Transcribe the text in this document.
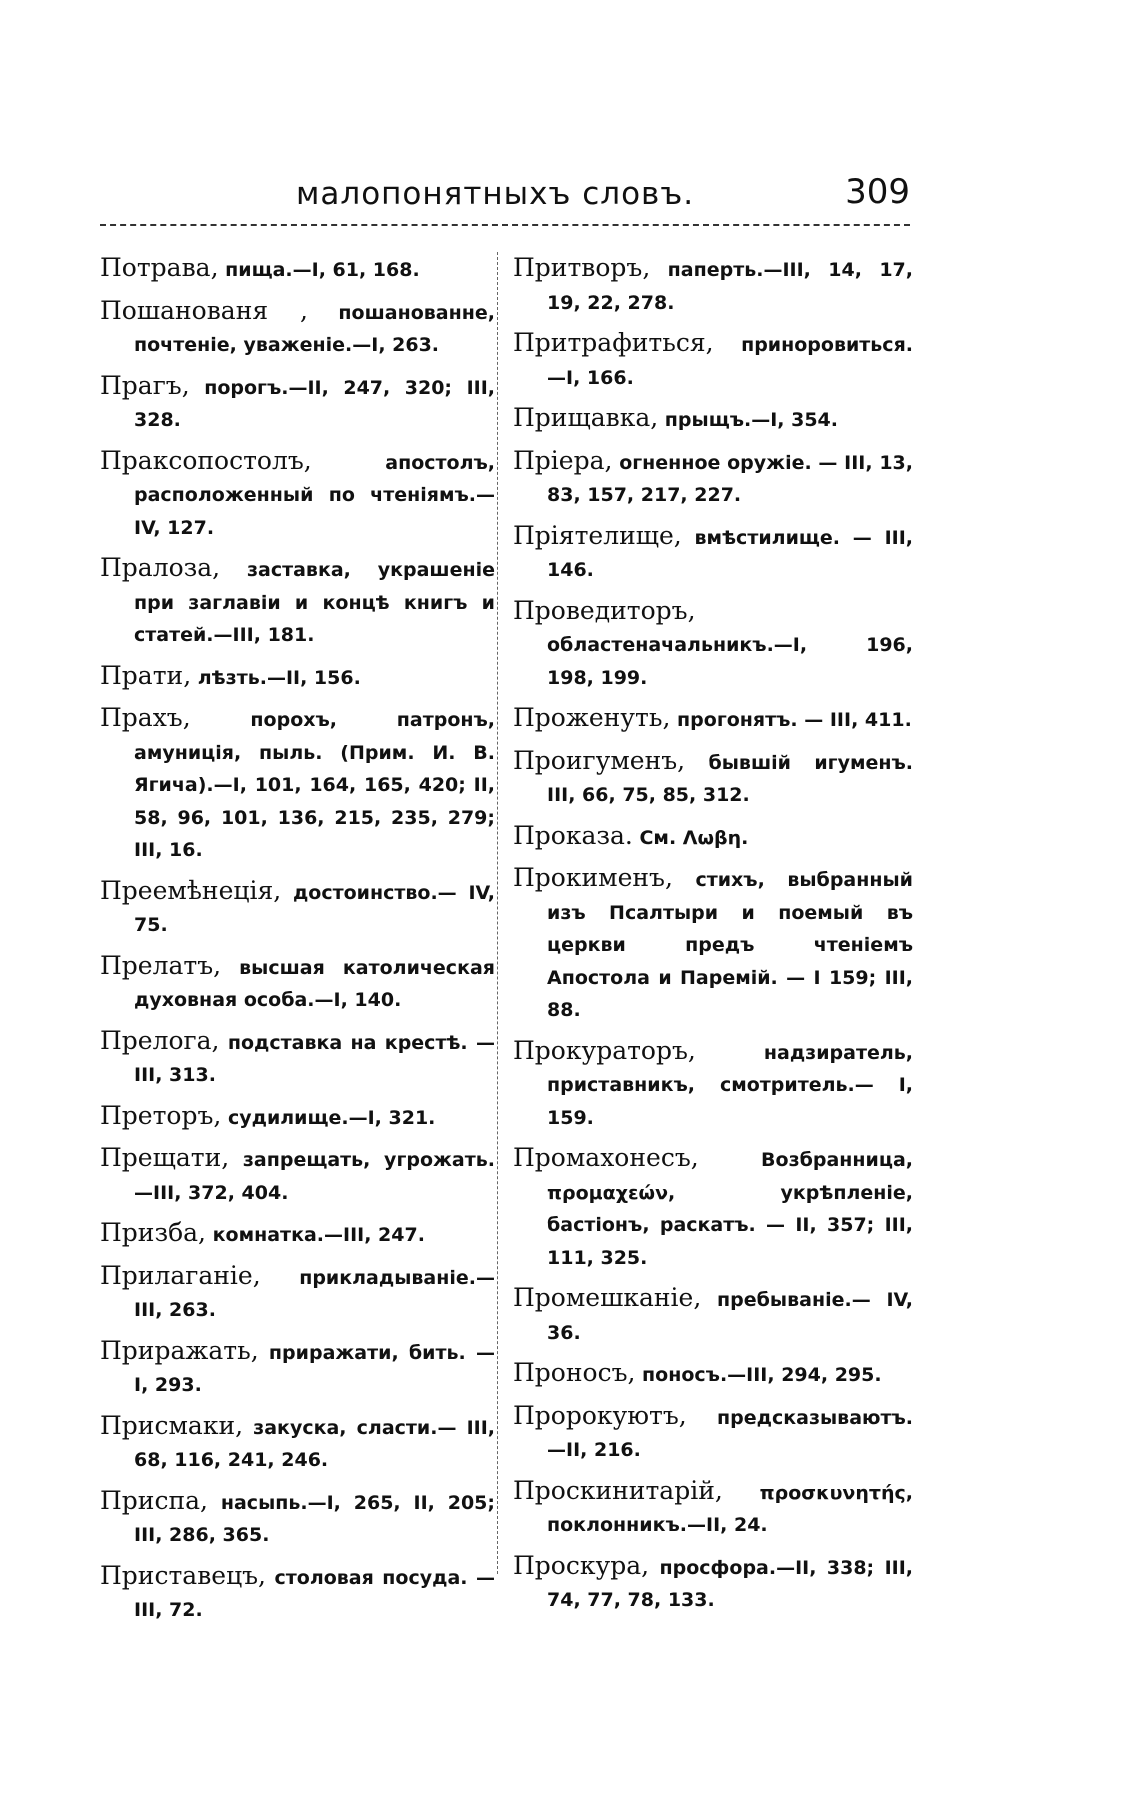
малопонятныхъ словъ.	309

Потрава, пища.—I, 61, 168.

Пошанованя , пошанованне, почтеніе, уваженіе.—I, 263.

Прагъ, порогъ.—II, 247, 320; III, 328.

Праксопостолъ, апостолъ, расположенный по чтеніямъ.— IV, 127.

Пралоза, заставка, украшеніе при заглавіи и концѣ книгъ и статей.—III, 181.

Прати, лѣзть.—II, 156.

Прахъ, порохъ, патронъ, амуниція, пыль. (Прим. И. В. Ягича).—I, 101, 164, 165, 420; II, 58, 96, 101, 136, 215, 235, 279; III, 16.

Преемѣнеція, достоинство.— IV, 75.

Прелатъ, высшая католическая духовная особа.—I, 140.

Прелога, подставка на крестѣ. —III, 313.

Преторъ, судилище.—I, 321.

Прещати, запрещать, угрожать.—III, 372, 404.

Призба, комнатка.—III, 247.

Прилаганіе, прикладываніе.— III, 263.

Приражать, приражати, бить. —I, 293.

Присмаки, закуска, сласти.— III, 68, 116, 241, 246.

Приспа, насыпь.—I, 265, II, 205; III, 286, 365.

Приставецъ, столовая посуда. —III, 72.

Притворъ, паперть.—III, 14, 17, 19, 22, 278.

Притрафиться, принорoвиться. —I, 166.

Прищавка, прыщъ.—I, 354.

Пріера, огненное оружіе. — III, 13, 83, 157, 217, 227.

Пріятелище, вмѣстилище. — III, 146.

Проведиторъ, областеначальникъ.—I, 196, 198, 199.

Проженуть, прогонятъ. — III, 411.

Проигуменъ, бывшій игуменъ. III, 66, 75, 85, 312.

Проказа. См. Λωβη.

Прокименъ, стихъ, выбранный изъ Псалтыри и поемый въ церкви предъ чтеніемъ Апостола и Паремій. — I 159; III, 88.

Прокураторъ, надзиратель, приставникъ, смотритель.— I, 159.

Промахонесъ, Возбранница, προμαχεών, укрѣпленіе, бастіонъ, раскатъ. — II, 357; III, 111, 325.

Промешканіе, пребываніе.— IV, 36.

Проносъ, поносъ.—III, 294, 295.

Пророкуютъ, предсказываютъ. —II, 216.

Проскинитарій, προσκυνητής, поклонникъ.—II, 24.

Проскура, просфора.—II, 338; III, 74, 77, 78, 133.
